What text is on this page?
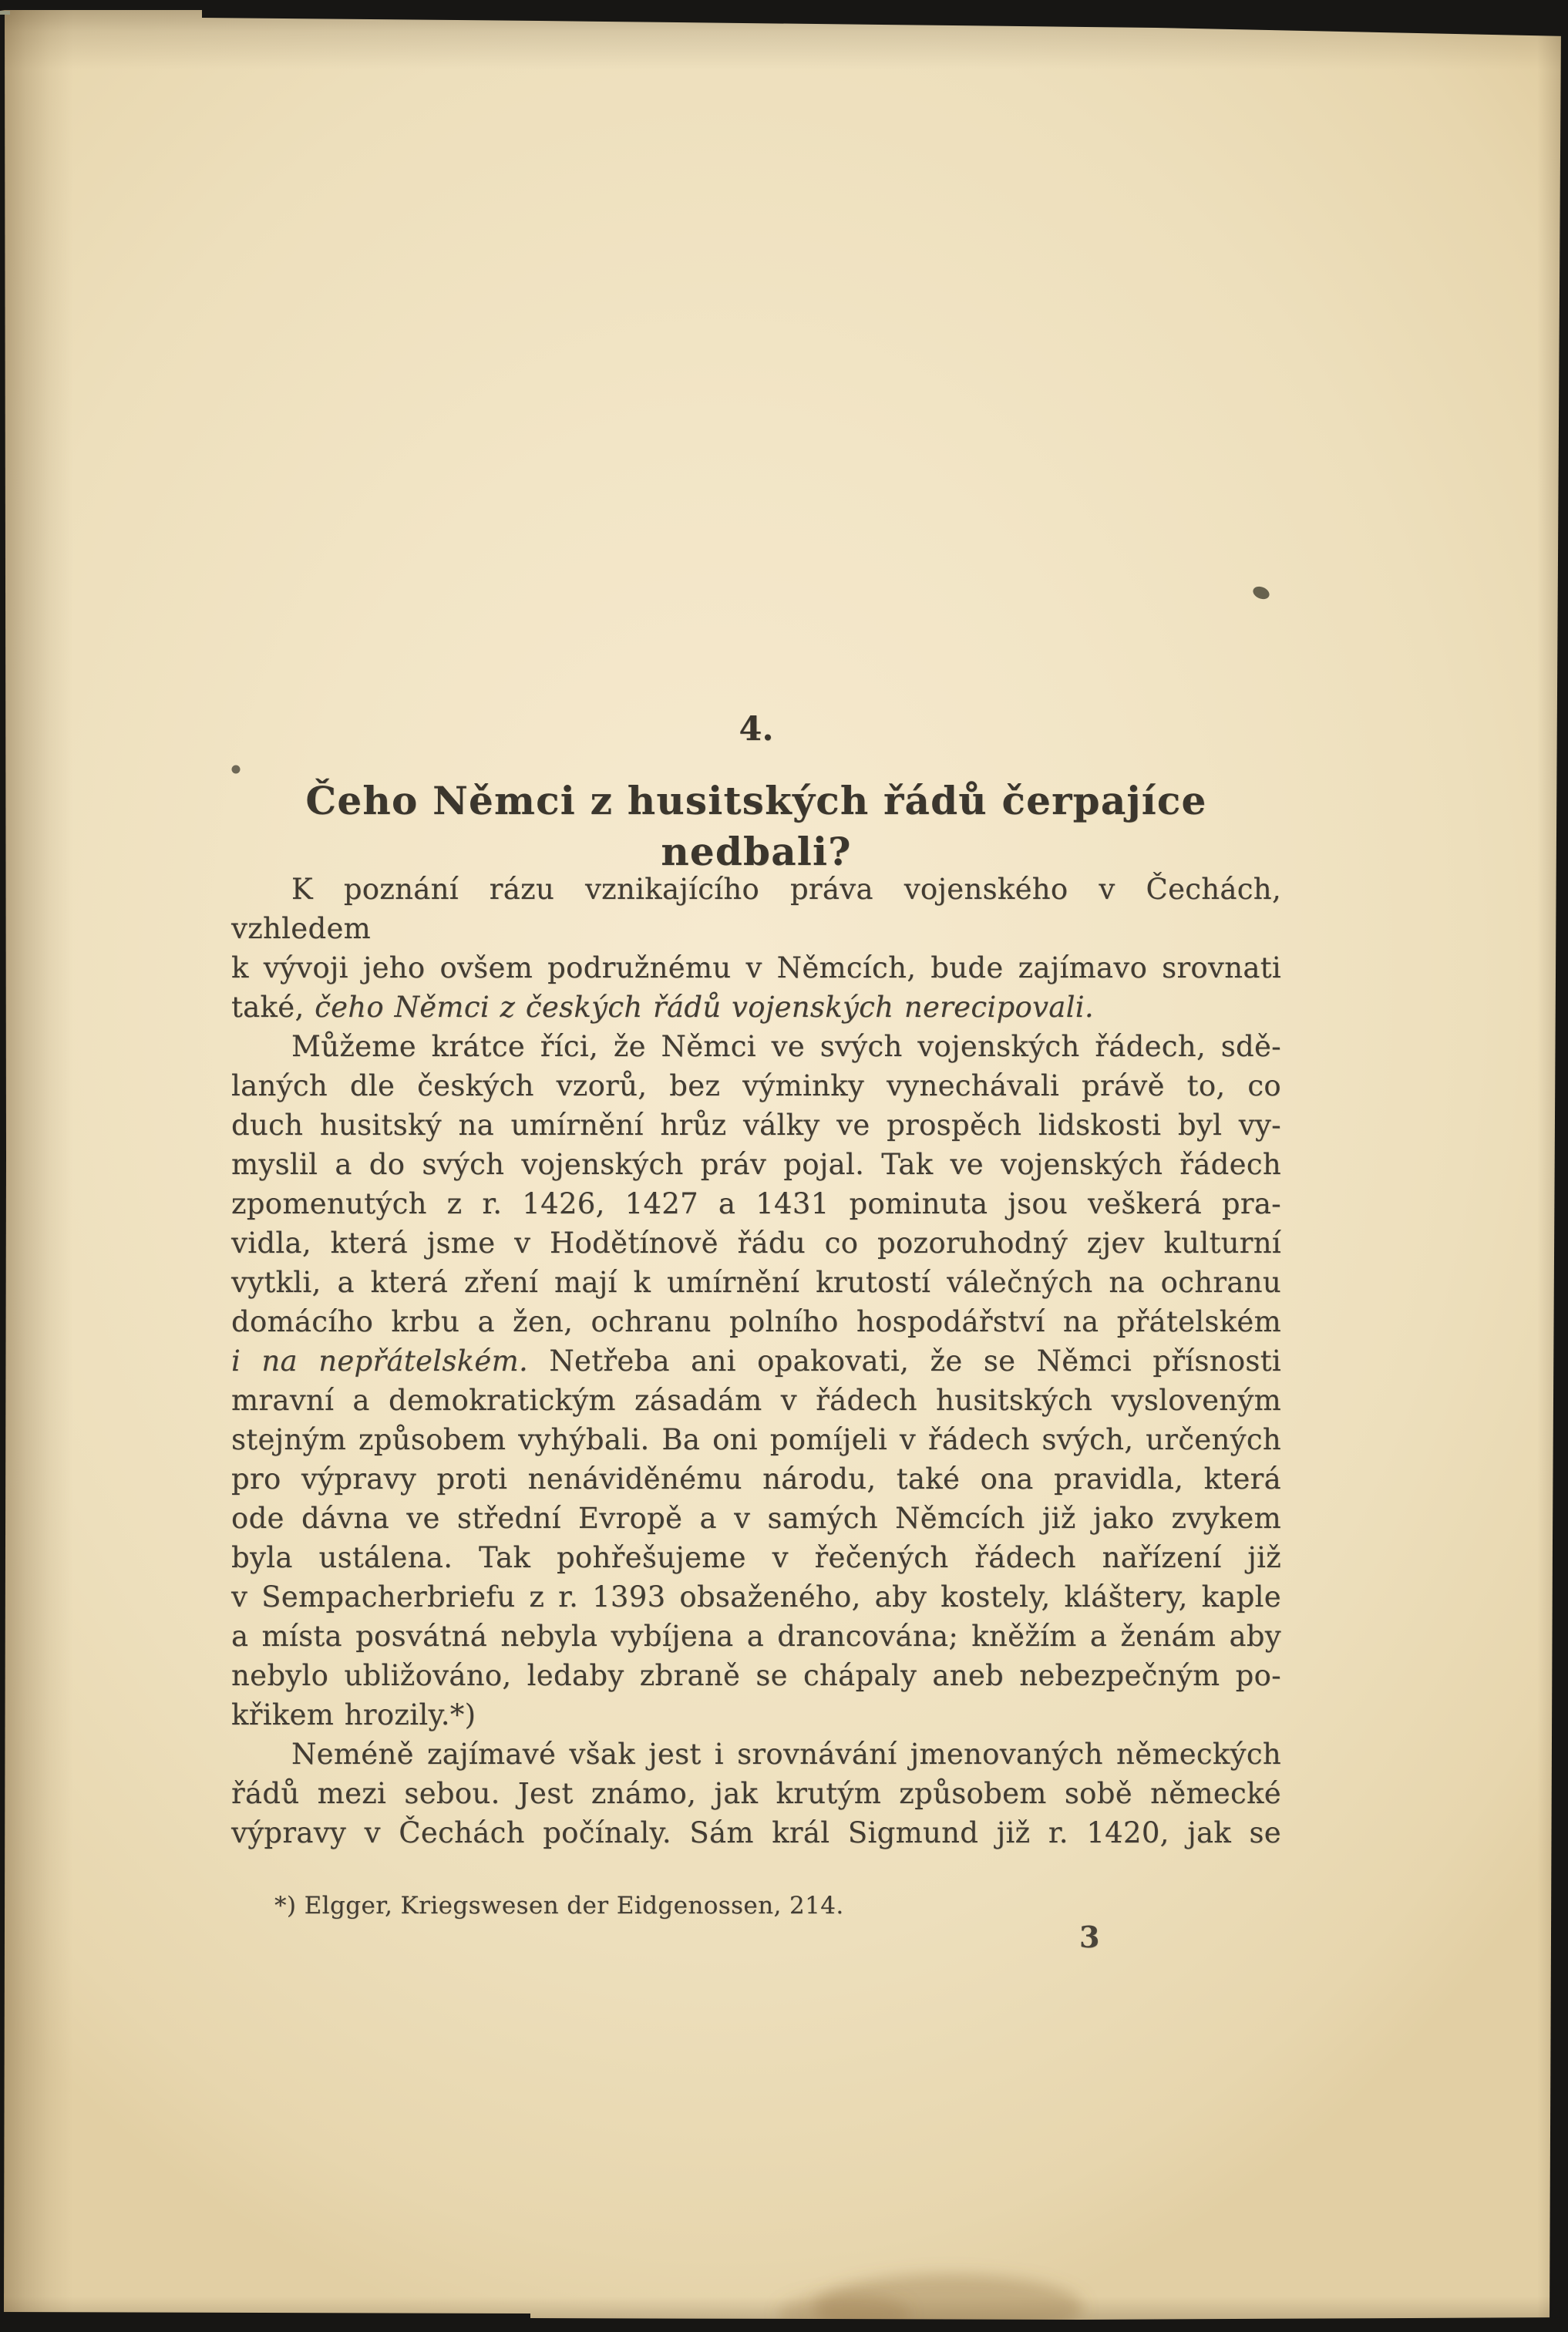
4.
Čeho Němci z husitských řádů čerpajíce nedbali?
K poznání rázu vznikajícího práva vojenského v Čechách, vzhledem
k vývoji jeho ovšem podružnému v Němcích, bude zajímavo srovnati
také, čeho Němci z českých řádů vojenských nerecipovali.
Můžeme krátce říci, že Němci ve svých vojenských řádech, sdě-
laných dle českých vzorů, bez výminky vynechávali právě to, co
duch husitský na umírnění hrůz války ve prospěch lidskosti byl vy-
myslil a do svých vojenských práv pojal. Tak ve vojenských řádech
zpomenutých z r. 1426, 1427 a 1431 pominuta jsou veškerá pra-
vidla, která jsme v Hodětínově řádu co pozoruhodný zjev kulturní
vytkli, a která zření mají k umírnění krutostí válečných na ochranu
domácího krbu a žen, ochranu polního hospodářství na přátelském
i na nepřátelském. Netřeba ani opakovati, že se Němci přísnosti
mravní a demokratickým zásadám v řádech husitských vysloveným
stejným způsobem vyhýbali. Ba oni pomíjeli v řádech svých, určených
pro výpravy proti nenáviděnému národu, také ona pravidla, která
ode dávna ve střední Evropě a v samých Němcích již jako zvykem
byla ustálena. Tak pohřešujeme v řečených řádech nařízení již
v Sempacherbriefu z r. 1393 obsaženého, aby kostely, kláštery, kaple
a místa posvátná nebyla vybíjena a drancována; kněžím a ženám aby
nebylo ubližováno, ledaby zbraně se chápaly aneb nebezpečným po-
křikem hrozily.*)
Neméně zajímavé však jest i srovnávání jmenovaných německých
řádů mezi sebou. Jest známo, jak krutým způsobem sobě německé
výpravy v Čechách počínaly. Sám král Sigmund již r. 1420, jak se
*) Elgger, Kriegswesen der Eidgenossen, 214.
3
